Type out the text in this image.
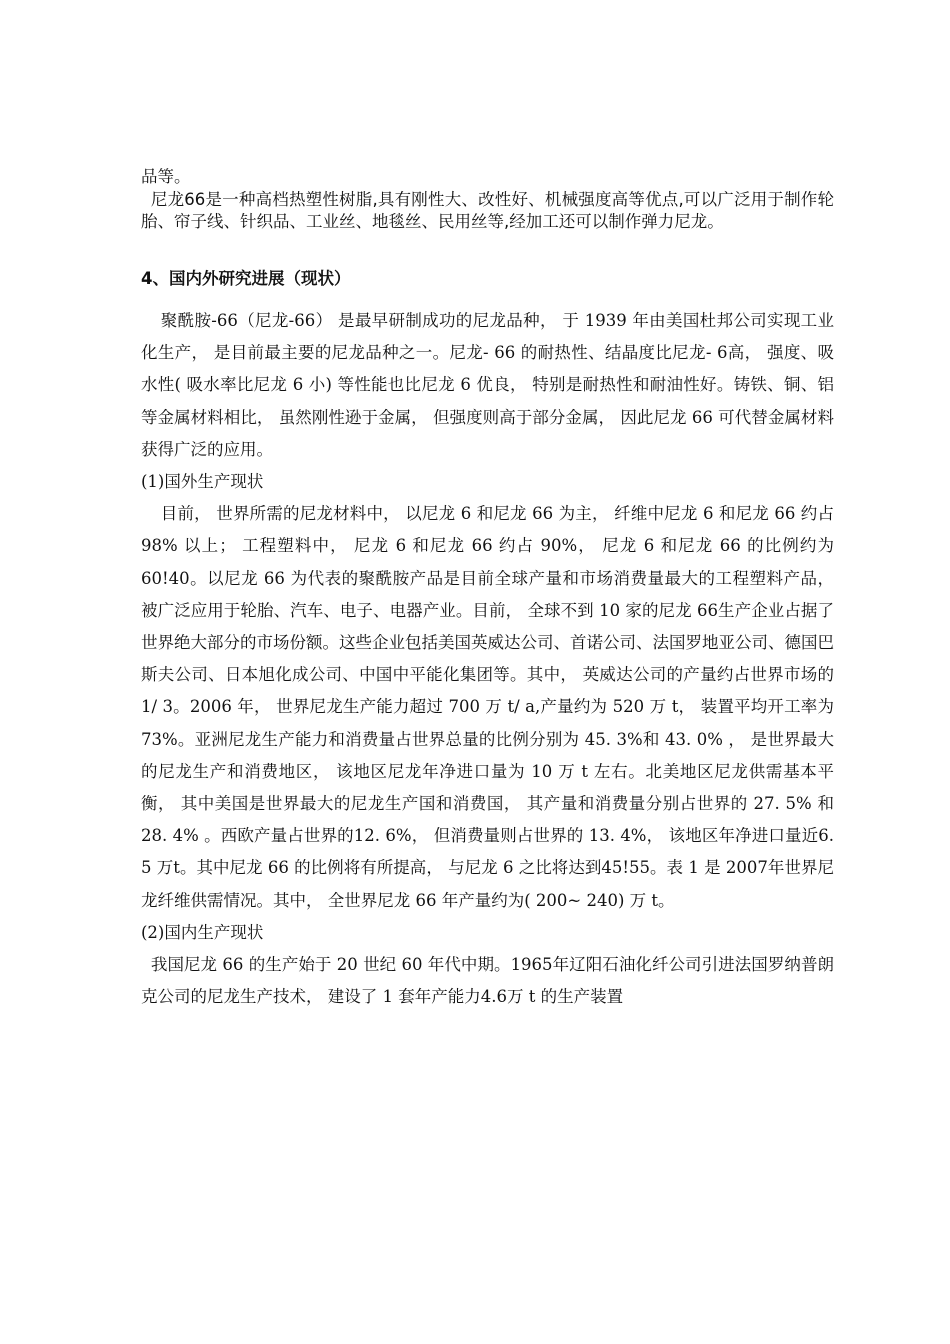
品等。

尼龙66是一种高档热塑性树脂,具有刚性大、改性好、机械强度高等优点,可以广泛用于制作轮胎、帘子线、针织品、工业丝、地毯丝、民用丝等,经加工还可以制作弹力尼龙。

4、国内外研究进展（现状）

聚酰胺-66（尼龙-66） 是最早研制成功的尼龙品种， 于 1939 年由美国杜邦公司实现工业化生产， 是目前最主要的尼龙品种之一。尼龙- 66 的耐热性、结晶度比尼龙- 6高， 强度、吸水性( 吸水率比尼龙 6 小) 等性能也比尼龙 6 优良， 特别是耐热性和耐油性好。铸铁、铜、铝等金属材料相比， 虽然刚性逊于金属， 但强度则高于部分金属， 因此尼龙 66 可代替金属材料获得广泛的应用。

(1)国外生产现状

目前， 世界所需的尼龙材料中， 以尼龙 6 和尼龙 66 为主， 纤维中尼龙 6 和尼龙 66 约占 98% 以上； 工程塑料中， 尼龙 6 和尼龙 66 约占 90%， 尼龙 6 和尼龙 66 的比例约为 60!40。以尼龙 66 为代表的聚酰胺产品是目前全球产量和市场消费量最大的工程塑料产品， 被广泛应用于轮胎、汽车、电子、电器产业。目前， 全球不到 10 家的尼龙 66生产企业占据了世界绝大部分的市场份额。这些企业包括美国英威达公司、首诺公司、法国罗地亚公司、德国巴斯夫公司、日本旭化成公司、中国中平能化集团等。其中， 英威达公司的产量约占世界市场的 1/ 3。2006 年， 世界尼龙生产能力超过 700 万 t/ a,产量约为 520 万 t， 装置平均开工率为 73%。亚洲尼龙生产能力和消费量占世界总量的比例分别为 45. 3%和 43. 0% ， 是世界最大的尼龙生产和消费地区， 该地区尼龙年净进口量为 10 万 t 左右。北美地区尼龙供需基本平衡， 其中美国是世界最大的尼龙生产国和消费国， 其产量和消费量分别占世界的 27. 5% 和 28. 4% 。西欧产量占世界的12. 6%， 但消费量则占世界的 13. 4%， 该地区年净进口量近6. 5 万t。其中尼龙 66 的比例将有所提高， 与尼龙 6 之比将达到45!55。表 1 是 2007年世界尼龙纤维供需情况。其中， 全世界尼龙 66 年产量约为( 200~ 240) 万 t。

(2)国内生产现状

我国尼龙 66 的生产始于 20 世纪 60 年代中期。1965年辽阳石油化纤公司引进法国罗纳普朗克公司的尼龙生产技术， 建设了 1 套年产能力4.6万 t 的生产装置
